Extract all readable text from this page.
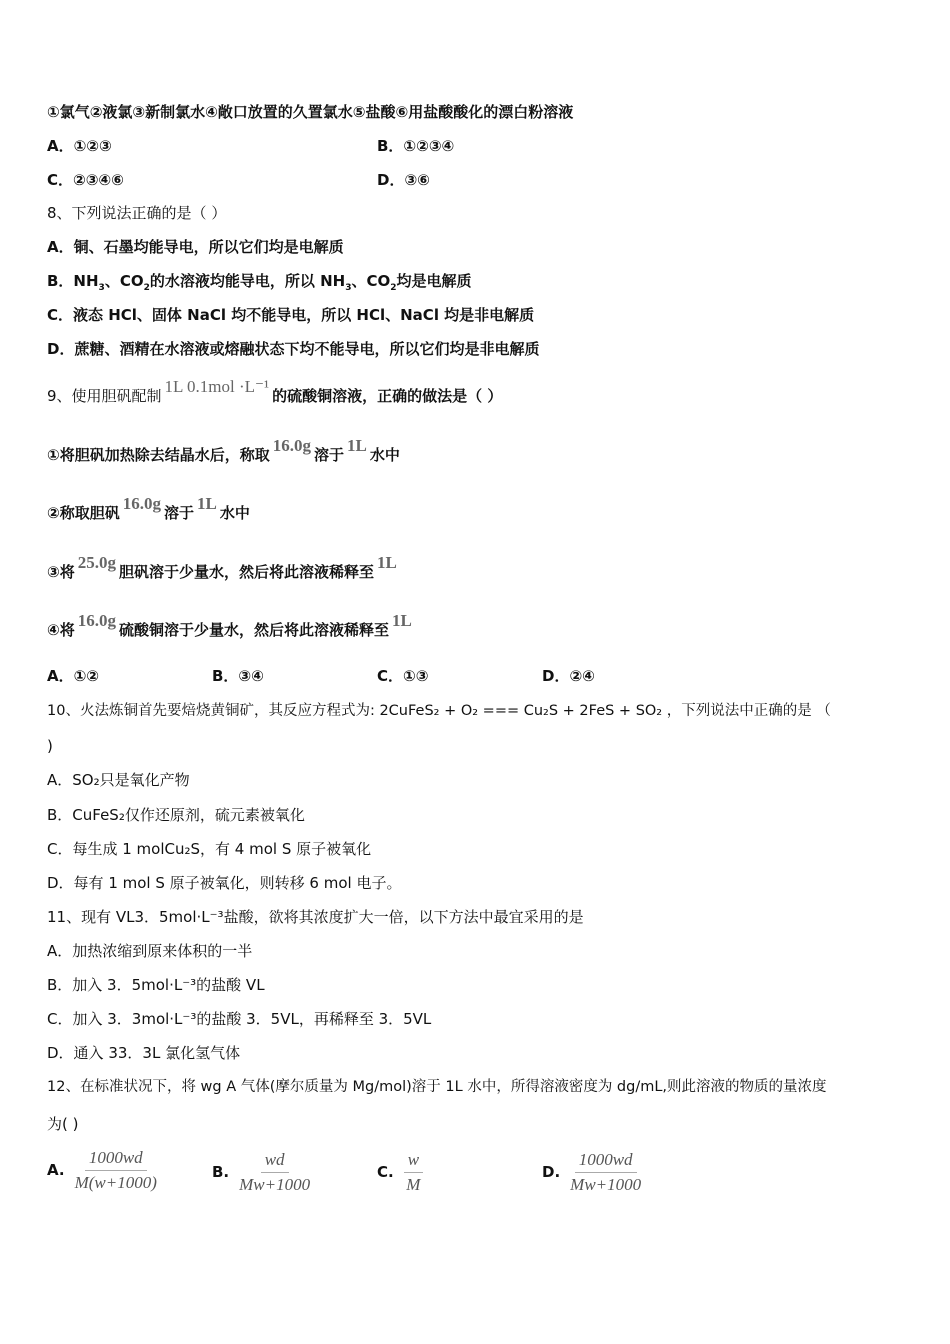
①氯气②液氯③新制氯水④敞口放置的久置氯水⑤盐酸⑥用盐酸酸化的漂白粉溶液
A．①②③	B．①②③④
C．②③④⑥	D．③⑥
8、下列说法正确的是（ ）
A．铜、石墨均能导电，所以它们均是电解质
B．$NH_3$、$CO_2$的水溶液均能导电，所以 $NH_3$、$CO_2$均是电解质
C．液态 HCl、固体 NaCl 均不能导电，所以 HCl、NaCl 均是非电解质
D．蔗糖、酒精在水溶液或熔融状态下均不能导电，所以它们均是非电解质
9、使用胆矾配制 1L 0.1mol ·L⁻¹ 的硫酸铜溶液，正确的做法是（ ）
①将胆矾加热除去结晶水后，称取 16.0g 溶于 1L 水中
②称取胆矾 16.0g 溶于 1L 水中
③将 25.0g 胆矾溶于少量水，然后将此溶液稀释至 1L
④将 16.0g 硫酸铜溶于少量水，然后将此溶液稀释至 1L
A．①②	B．③④	C．①③	D．②④
10、火法炼铜首先要焙烧黄铜矿，其反应方程式为: 2CuFeS₂ + O₂ === Cu₂S + 2FeS + SO₂ ，下列说法中正确的是 （
)
A．SO₂只是氧化产物
B．CuFeS₂仅作还原剂，硫元素被氧化
C．每生成 1 molCu₂S，有 4 mol S 原子被氧化
D．每有 1 mol S 原子被氧化，则转移 6 mol 电子。
11、现有 VL3．5mol·L⁻³盐酸，欲将其浓度扩大一倍，以下方法中最宜采用的是
A．加热浓缩到原来体积的一半
B．加入 3．5mol·L⁻³的盐酸 VL
C．加入 3．3mol·L⁻³的盐酸 3．5VL，再稀释至 3．5VL
D．通入 33．3L 氯化氢气体
12、在标准状况下，将 wg A 气体(摩尔质量为 Mg/mol)溶于 1L 水中，所得溶液密度为 dg/mL,则此溶液的物质的量浓度
为( )
A. $\frac{1000wd}{M(w+1000)}$	B. $\frac{wd}{Mw+1000}$	C. $\frac{w}{M}$	D. $\frac{1000wd}{Mw+1000}$
